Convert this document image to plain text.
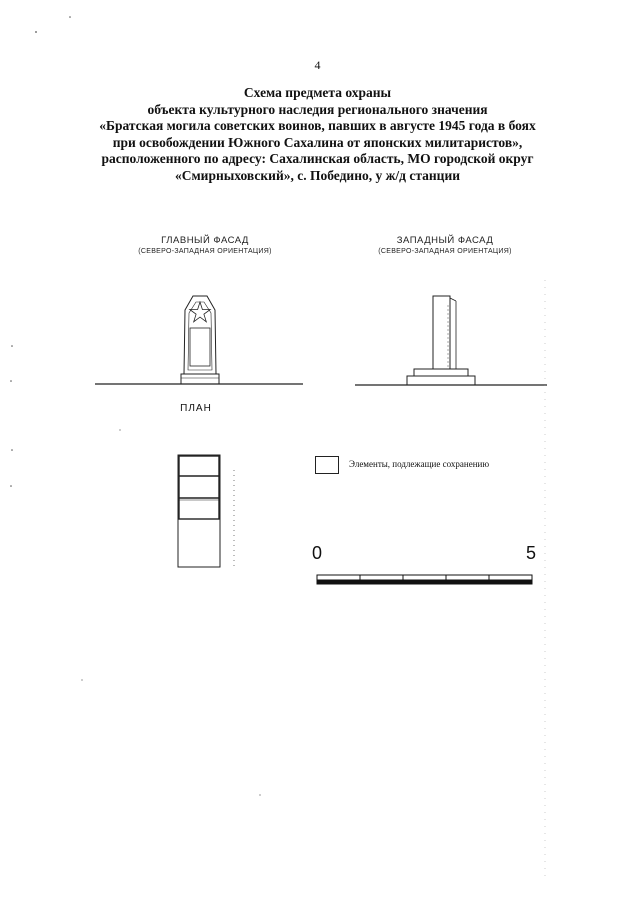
4
Схема предмета охраны
объекта культурного наследия регионального значения
«Братская могила советских воинов, павших в августе 1945 года в боях
при освобождении Южного Сахалина от японских милитаристов»,
расположенного по адресу: Сахалинская область, МО городской округ
«Смирныховский», с. Победино, у ж/д станции
ГЛАВНЫЙ ФАСАД
(СЕВЕРО-ЗАПАДНАЯ ОРИЕНТАЦИЯ)
ЗАПАДНЫЙ ФАСАД
(СЕВЕРО-ЗАПАДНАЯ ОРИЕНТАЦИЯ)
ПЛАН
Элементы, подлежащие сохранению
0	5
